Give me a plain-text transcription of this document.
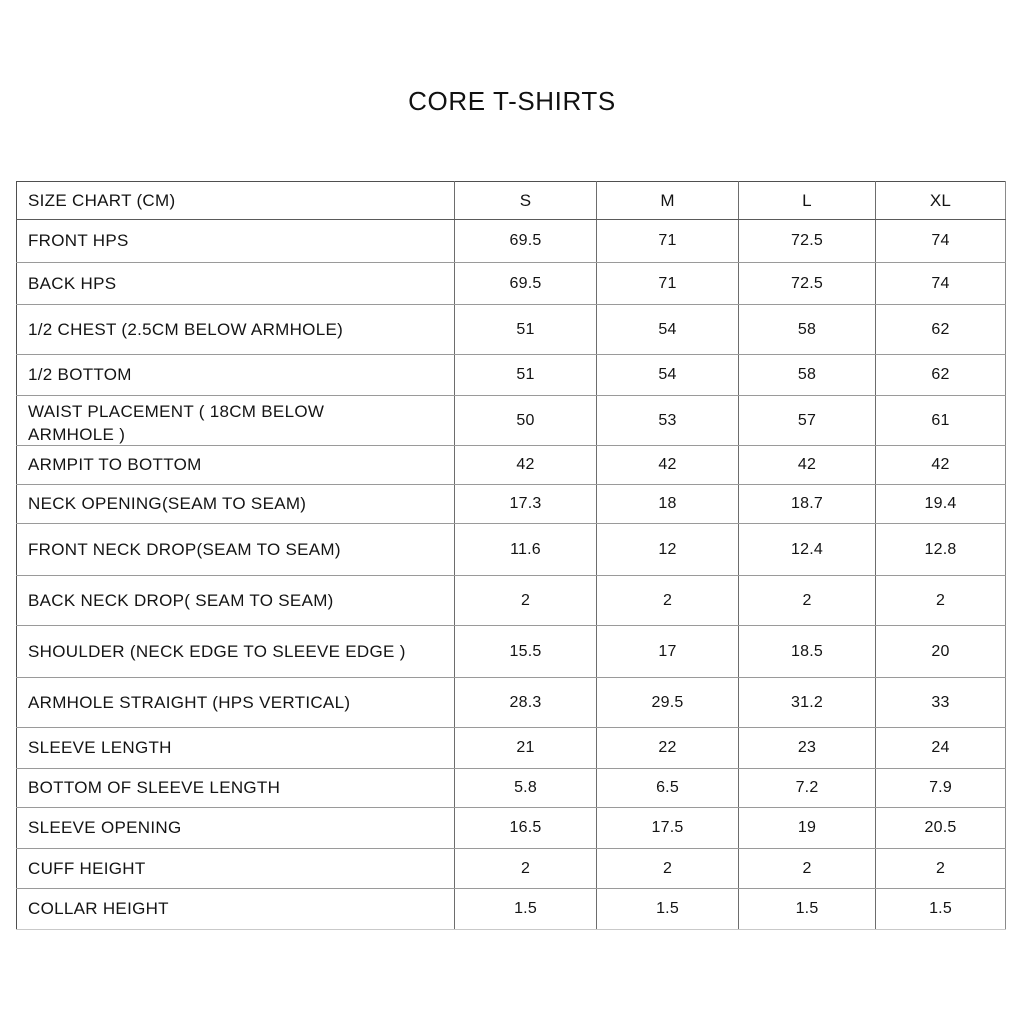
CORE T-SHIRTS
SIZE CHART (CM)	S	M	L	XL
FRONT HPS	69.5	71	72.5	74
BACK HPS	69.5	71	72.5	74
1/2 CHEST (2.5CM BELOW ARMHOLE)	51	54	58	62
1/2 BOTTOM	51	54	58	62

WAIST PLACEMENT ( 18CM BELOW
ARMHOLE )	50	53	57	61
ARMPIT TO BOTTOM	42	42	42	42
NECK OPENING(SEAM TO SEAM)	17.3	18	18.7	19.4
FRONT NECK DROP(SEAM TO SEAM)	11.6	12	12.4	12.8
BACK NECK DROP( SEAM TO SEAM)	2	2	2	2
SHOULDER (NECK EDGE TO SLEEVE EDGE )	15.5	17	18.5	20
ARMHOLE STRAIGHT (HPS VERTICAL)	28.3	29.5	31.2	33
SLEEVE LENGTH	21	22	23	24
BOTTOM OF SLEEVE LENGTH	5.8	6.5	7.2	7.9
SLEEVE OPENING	16.5	17.5	19	20.5
CUFF HEIGHT	2	2	2	2
COLLAR HEIGHT	1.5	1.5	1.5	1.5
